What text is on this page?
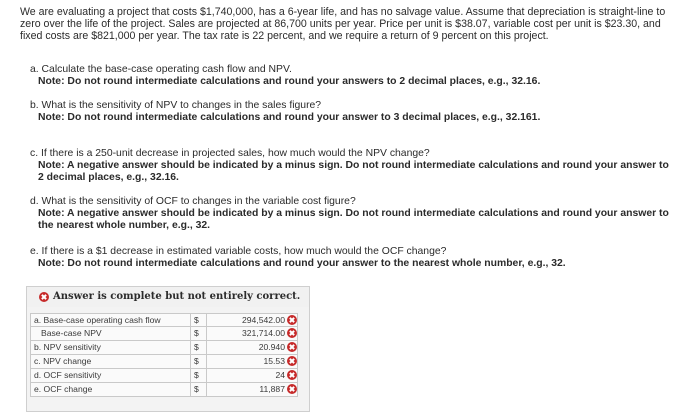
We are evaluating a project that costs $1,740,000, has a 6-year life, and has no salvage value. Assume that depreciation is straight-line to zero over the life of the project. Sales are projected at 86,700 units per year. Price per unit is $38.07, variable cost per unit is $23.30, and fixed costs are $821,000 per year. The tax rate is 22 percent, and we require a return of 9 percent on this project.

a. Calculate the base-case operating cash flow and NPV.

Note: Do not round intermediate calculations and round your answers to 2 decimal places, e.g., 32.16.

b. What is the sensitivity of NPV to changes in the sales figure?

Note: Do not round intermediate calculations and round your answer to 3 decimal places, e.g., 32.161.

c. If there is a 250-unit decrease in projected sales, how much would the NPV change?

Note: A negative answer should be indicated by a minus sign. Do not round intermediate calculations and round your answer to 2 decimal places, e.g., 32.16.

d. What is the sensitivity of OCF to changes in the variable cost figure?

Note: A negative answer should be indicated by a minus sign. Do not round intermediate calculations and round your answer to the nearest whole number, e.g., 32.

e. If there is a $1 decrease in estimated variable costs, how much would the OCF change?

Note: Do not round intermediate calculations and round your answer to the nearest whole number, e.g., 32.

Answer is complete but not entirely correct.
a. Base-case operating cash flow	$	294,542.00
Base-case NPV	$	321,714.00
b. NPV sensitivity	$	20.940
c. NPV change	$	15.53
d. OCF sensitivity	$	24
e. OCF change	$	11,887
